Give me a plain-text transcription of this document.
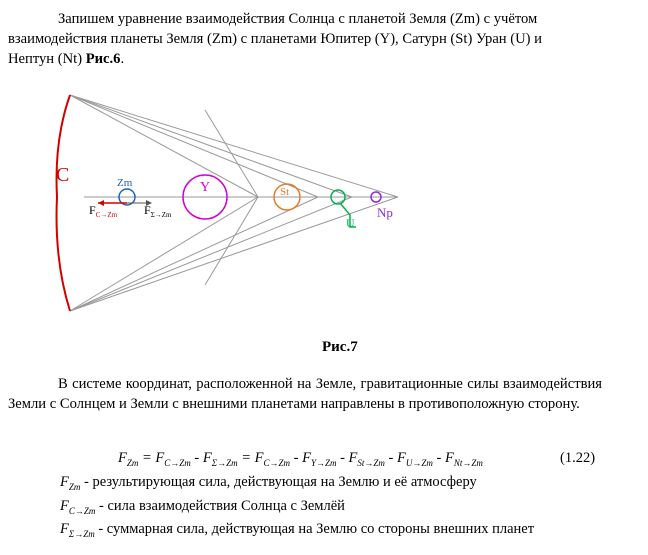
Запишем уравнение взаимодействия Солнца с планетой Земля (Zm) с учётом
взаимодействия планеты Земля (Zm) с планетами Юпитер (Y), Сатурн (St) Уран (U) и
Нептун (Nt) Рис.6.
C	Zm
$F_{C\to Zm}$ $F_{\Sigma\to Zm}$
Y	St
U
Np
Рис.7
В системе координат, расположенной на Земле, гравитационные силы взаимодействия Земли с Солнцем и Земли с внешними планетами направлены в противоположную сторону.
$F_{Zm} = F_{C\to Zm} - F_{\Sigma\to Zm} = F_{C\to Zm} - F_{Y\to Zm} - F_{St\to Zm} - F_{U\to Zm} - F_{Nt\to Zm}$	(1.22)
$F_{Zm}$ - результирующая сила, действующая на Землю и её атмосферу
$F_{C\to Zm}$ - сила взаимодействия Солнца с Землёй
$F_{\Sigma\to Zm}$ - суммарная сила, действующая на Землю со стороны внешних планет
